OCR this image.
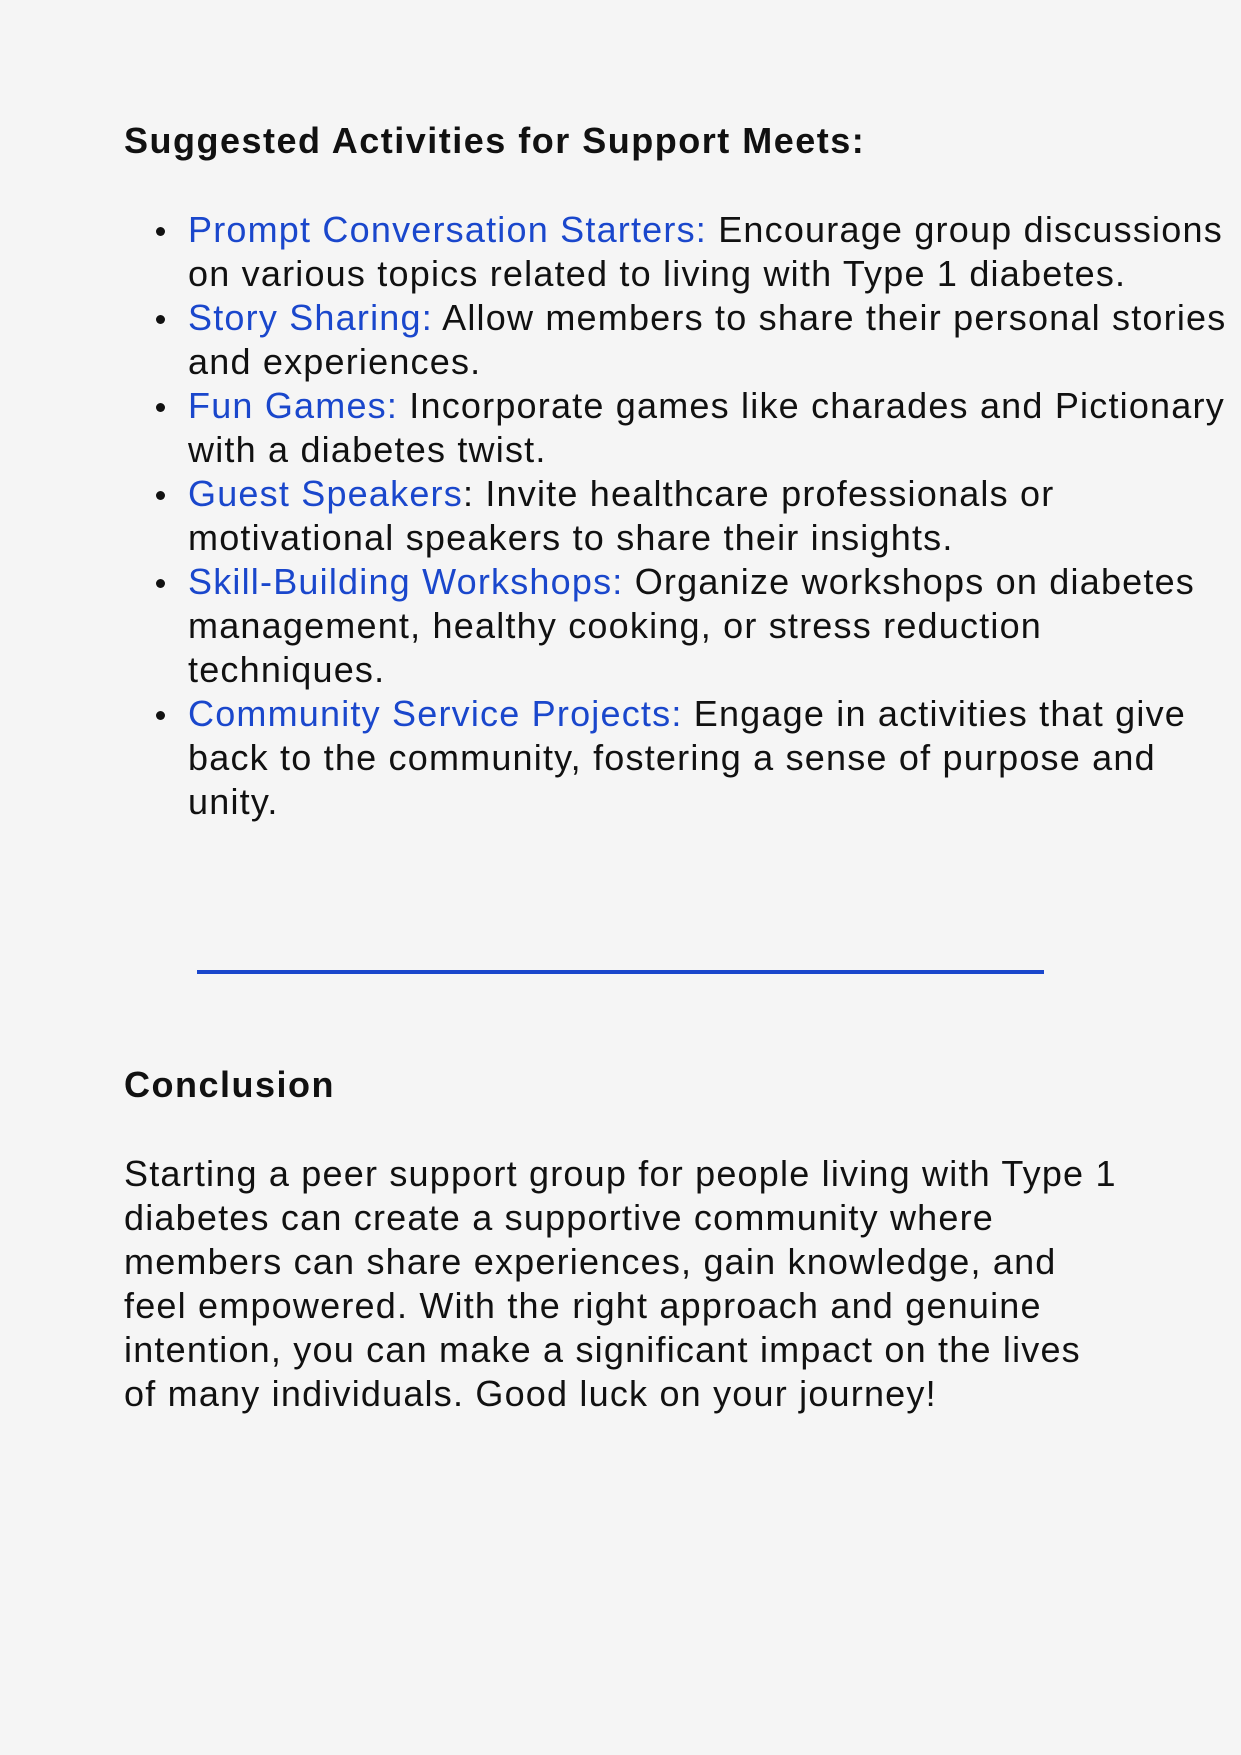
Suggested Activities for Support Meets:
Prompt Conversation Starters: Encourage group discussions on various topics related to living with Type 1 diabetes.
Story Sharing: Allow members to share their personal stories and experiences.
Fun Games: Incorporate games like charades and Pictionary with a diabetes twist.
Guest Speakers: Invite healthcare professionals or motivational speakers to share their insights.
Skill-Building Workshops: Organize workshops on diabetes management, healthy cooking, or stress reduction techniques.
Community Service Projects: Engage in activities that give back to the community, fostering a sense of purpose and unity.
Conclusion

Starting a peer support group for people living with Type 1 diabetes can create a supportive community where members can share experiences, gain knowledge, and feel empowered. With the right approach and genuine intention, you can make a significant impact on the lives of many individuals. Good luck on your journey!
